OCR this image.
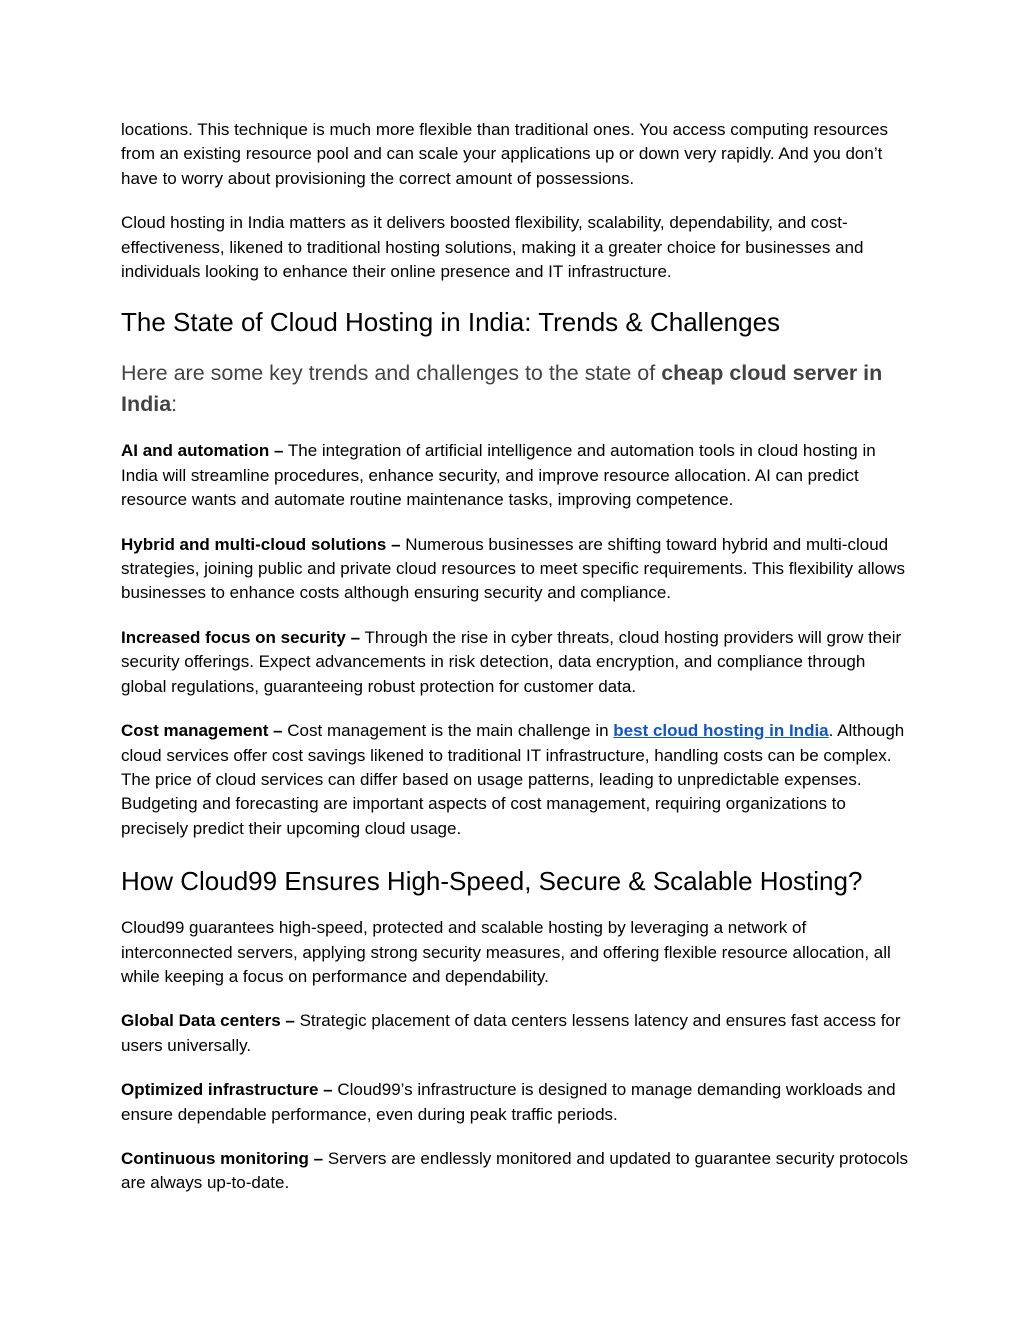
locations. This technique is much more flexible than traditional ones. You access computing resources from an existing resource pool and can scale your applications up or down very rapidly. And you don’t have to worry about provisioning the correct amount of possessions.

Cloud hosting in India matters as it delivers boosted flexibility, scalability, dependability, and cost-effectiveness, likened to traditional hosting solutions, making it a greater choice for businesses and individuals looking to enhance their online presence and IT infrastructure.

The State of Cloud Hosting in India: Trends & Challenges
Here are some key trends and challenges to the state of cheap cloud server in India:

AI and automation – The integration of artificial intelligence and automation tools in cloud hosting in India will streamline procedures, enhance security, and improve resource allocation. AI can predict resource wants and automate routine maintenance tasks, improving competence.

Hybrid and multi-cloud solutions – Numerous businesses are shifting toward hybrid and multi-cloud strategies, joining public and private cloud resources to meet specific requirements. This flexibility allows businesses to enhance costs although ensuring security and compliance.

Increased focus on security – Through the rise in cyber threats, cloud hosting providers will grow their security offerings. Expect advancements in risk detection, data encryption, and compliance through global regulations, guaranteeing robust protection for customer data.

Cost management – Cost management is the main challenge in best cloud hosting in India. Although cloud services offer cost savings likened to traditional IT infrastructure, handling costs can be complex. The price of cloud services can differ based on usage patterns, leading to unpredictable expenses. Budgeting and forecasting are important aspects of cost management, requiring organizations to precisely predict their upcoming cloud usage.

How Cloud99 Ensures High-Speed, Secure & Scalable Hosting?

Cloud99 guarantees high-speed, protected and scalable hosting by leveraging a network of interconnected servers, applying strong security measures, and offering flexible resource allocation, all while keeping a focus on performance and dependability.

Global Data centers – Strategic placement of data centers lessens latency and ensures fast access for users universally.

Optimized infrastructure – Cloud99’s infrastructure is designed to manage demanding workloads and ensure dependable performance, even during peak traffic periods.

Continuous monitoring – Servers are endlessly monitored and updated to guarantee security protocols are always up-to-date.
